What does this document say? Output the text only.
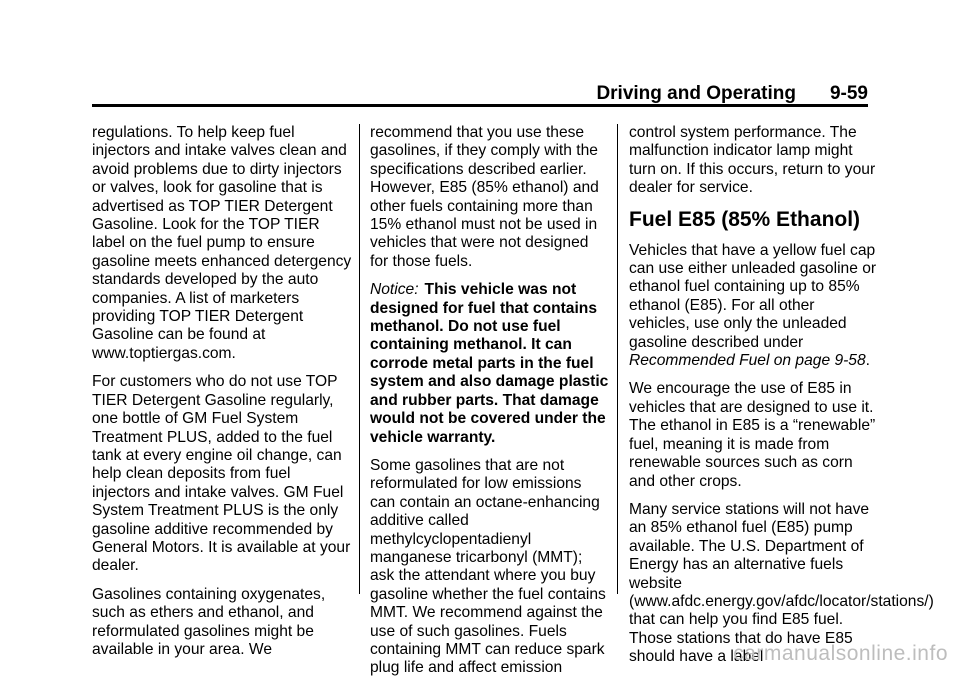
Driving and Operating 9-59

regulations. To help keep fuel injectors and intake valves clean and avoid problems due to dirty injectors or valves, look for gasoline that is advertised as TOP TIER Detergent Gasoline. Look for the TOP TIER label on the fuel pump to ensure gasoline meets enhanced detergency standards developed by the auto companies. A list of marketers providing TOP TIER Detergent Gasoline can be found at www.toptiergas.com.

For customers who do not use TOP TIER Detergent Gasoline regularly, one bottle of GM Fuel System Treatment PLUS, added to the fuel tank at every engine oil change, can help clean deposits from fuel injectors and intake valves. GM Fuel System Treatment PLUS is the only gasoline additive recommended by General Motors. It is available at your dealer.

Gasolines containing oxygenates, such as ethers and ethanol, and reformulated gasolines might be available in your area. We

recommend that you use these gasolines, if they comply with the specifications described earlier. However, E85 (85% ethanol) and other fuels containing more than 15% ethanol must not be used in vehicles that were not designed for those fuels.

Notice: This vehicle was not designed for fuel that contains methanol. Do not use fuel containing methanol. It can corrode metal parts in the fuel system and also damage plastic and rubber parts. That damage would not be covered under the vehicle warranty.

Some gasolines that are not reformulated for low emissions can contain an octane-enhancing additive called methylcyclopentadienyl manganese tricarbonyl (MMT); ask the attendant where you buy gasoline whether the fuel contains MMT. We recommend against the use of such gasolines. Fuels containing MMT can reduce spark plug life and affect emission

control system performance. The malfunction indicator lamp might turn on. If this occurs, return to your dealer for service.

Fuel E85 (85% Ethanol)

Vehicles that have a yellow fuel cap can use either unleaded gasoline or ethanol fuel containing up to 85% ethanol (E85). For all other vehicles, use only the unleaded gasoline described under Recommended Fuel on page 9-58.

We encourage the use of E85 in vehicles that are designed to use it. The ethanol in E85 is a “renewable” fuel, meaning it is made from renewable sources such as corn and other crops.

Many service stations will not have an 85% ethanol fuel (E85) pump available. The U.S. Department of Energy has an alternative fuels website (www.afdc.energy.gov/afdc/locator/stations/) that can help you find E85 fuel. Those stations that do have E85 should have a label

carmanualsonline.info
